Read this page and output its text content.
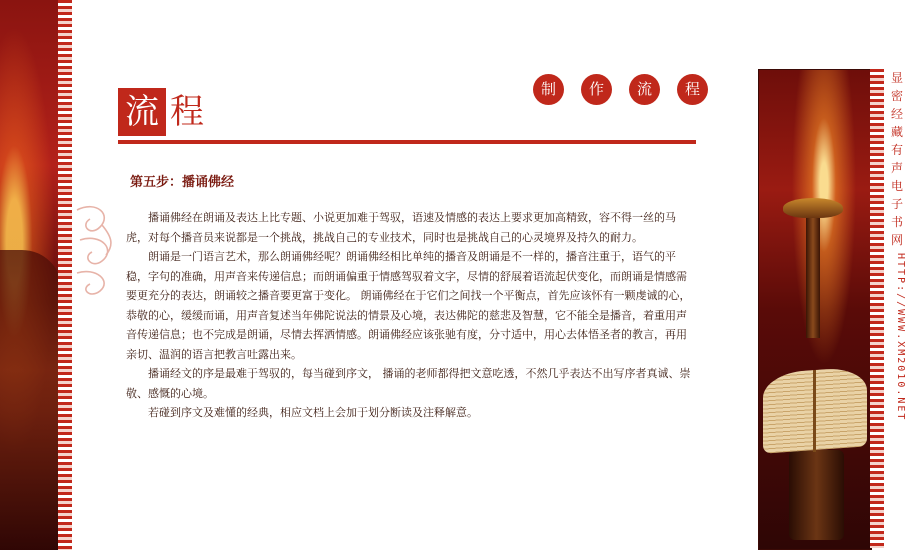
流 程
制	作	流	程
第五步：播诵佛经

播诵佛经在朗诵及表达上比专题、小说更加难于驾驭，语速及情感的表达上要求更加高精致，容不得一丝的马虎，对每个播音员来说都是一个挑战，挑战自己的专业技术，同时也是挑战自己的心灵境界及持久的耐力。

朗诵是一门语言艺术，那么朗诵佛经呢？朗诵佛经相比单纯的播音及朗诵是不一样的，播音注重于，语气的平稳，字句的准确，用声音来传递信息；而朗诵偏重于情感驾驭着文字，尽情的舒展着语流起伏变化，而朗诵是情感需要更充分的表达，朗诵较之播音要更富于变化。 朗诵佛经在于它们之间找一个平衡点，首先应该怀有一颗虔诚的心，恭敬的心，缓缓而诵，用声音复述当年佛陀说法的情景及心境，表达佛陀的慈悲及智慧，它不能全是播音，着重用声音传递信息；也不完成是朗诵，尽情去挥洒情感。朗诵佛经应该张驰有度，分寸适中，用心去体悟圣者的教言，再用亲切、温润的语言把教言吐露出来。

播诵经文的序是最难于驾驭的，每当碰到序文， 播诵的老师都得把文意吃透，不然几乎表达不出写序者真诚、崇敬、感慨的心境。

若碰到序文及难懂的经典，相应文档上会加于划分断读及注释解意。

显
密
经
藏
有
声
电
子
书
网
HTTP://WWW.XM2010.NET
